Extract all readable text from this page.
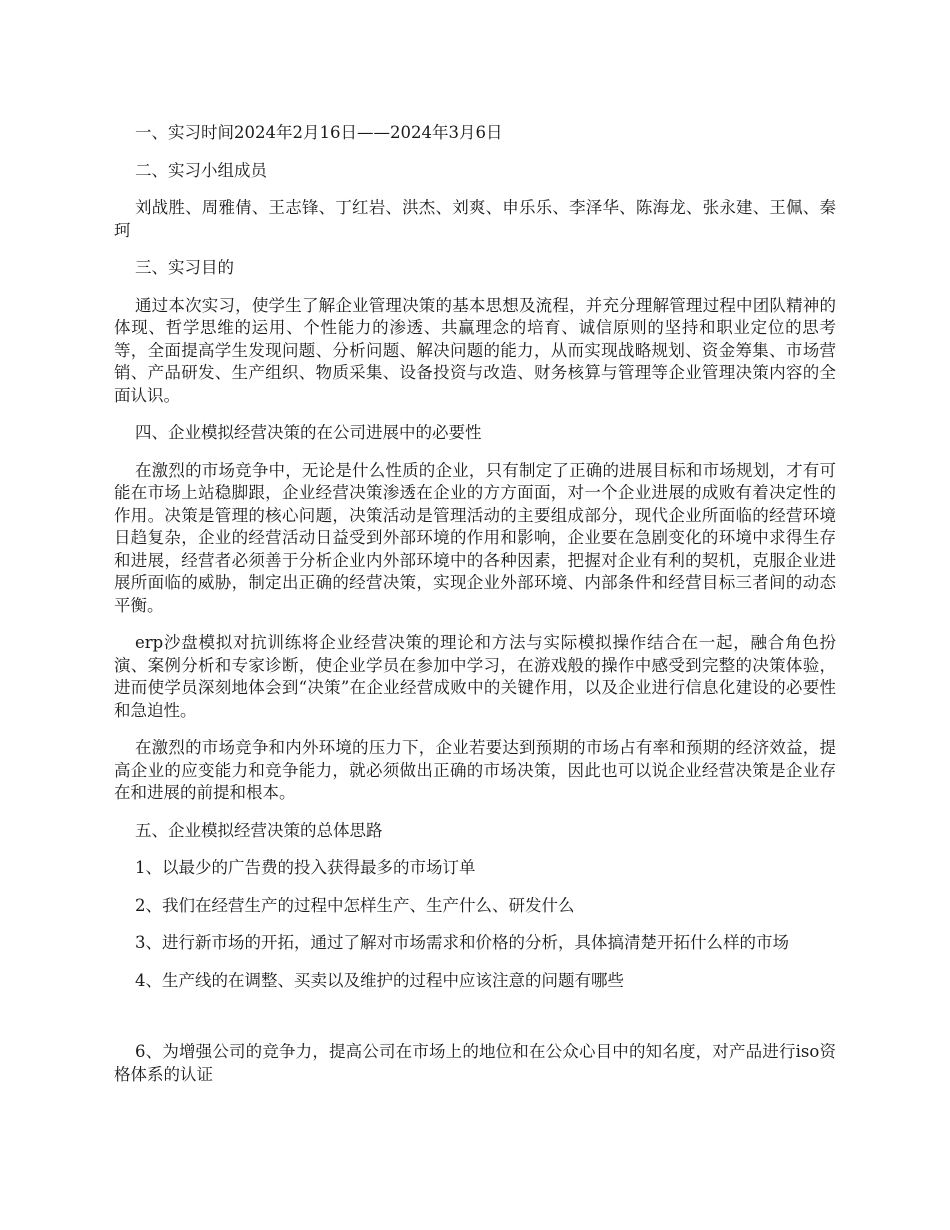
一、实习时间2024年2月16日——2024年3月6日

二、实习小组成员

刘战胜、周雅倩、王志锋、丁红岩、洪杰、刘爽、申乐乐、李泽华、陈海龙、张永建、王佩、秦珂

三、实习目的

通过本次实习，使学生了解企业管理决策的基本思想及流程，并充分理解管理过程中团队精神的体现、哲学思维的运用、个性能力的渗透、共赢理念的培育、诚信原则的坚持和职业定位的思考等，全面提高学生发现问题、分析问题、解决问题的能力，从而实现战略规划、资金筹集、市场营销、产品研发、生产组织、物质采集、设备投资与改造、财务核算与管理等企业管理决策内容的全面认识。

四、企业模拟经营决策的在公司进展中的必要性

在激烈的市场竞争中，无论是什么性质的企业，只有制定了正确的进展目标和市场规划，才有可能在市场上站稳脚跟，企业经营决策渗透在企业的方方面面，对一个企业进展的成败有着决定性的作用。决策是管理的核心问题，决策活动是管理活动的主要组成部分，现代企业所面临的经营环境日趋复杂，企业的经营活动日益受到外部环境的作用和影响，企业要在急剧变化的环境中求得生存和进展，经营者必须善于分析企业内外部环境中的各种因素，把握对企业有利的契机，克服企业进展所面临的威胁，制定出正确的经营决策，实现企业外部环境、内部条件和经营目标三者间的动态平衡。

erp沙盘模拟对抗训练将企业经营决策的理论和方法与实际模拟操作结合在一起，融合角色扮演、案例分析和专家诊断，使企业学员在参加中学习，在游戏般的操作中感受到完整的决策体验，进而使学员深刻地体会到“决策”在企业经营成败中的关键作用，以及企业进行信息化建设的必要性和急迫性。

在激烈的市场竞争和内外环境的压力下，企业若要达到预期的市场占有率和预期的经济效益，提高企业的应变能力和竞争能力，就必须做出正确的市场决策，因此也可以说企业经营决策是企业存在和进展的前提和根本。

五、企业模拟经营决策的总体思路

1、以最少的广告费的投入获得最多的市场订单

2、我们在经营生产的过程中怎样生产、生产什么、研发什么

3、进行新市场的开拓，通过了解对市场需求和价格的分析，具体搞清楚开拓什么样的市场

4、生产线的在调整、买卖以及维护的过程中应该注意的问题有哪些

6、为增强公司的竞争力，提高公司在市场上的地位和在公众心目中的知名度，对产品进行iso资格体系的认证
